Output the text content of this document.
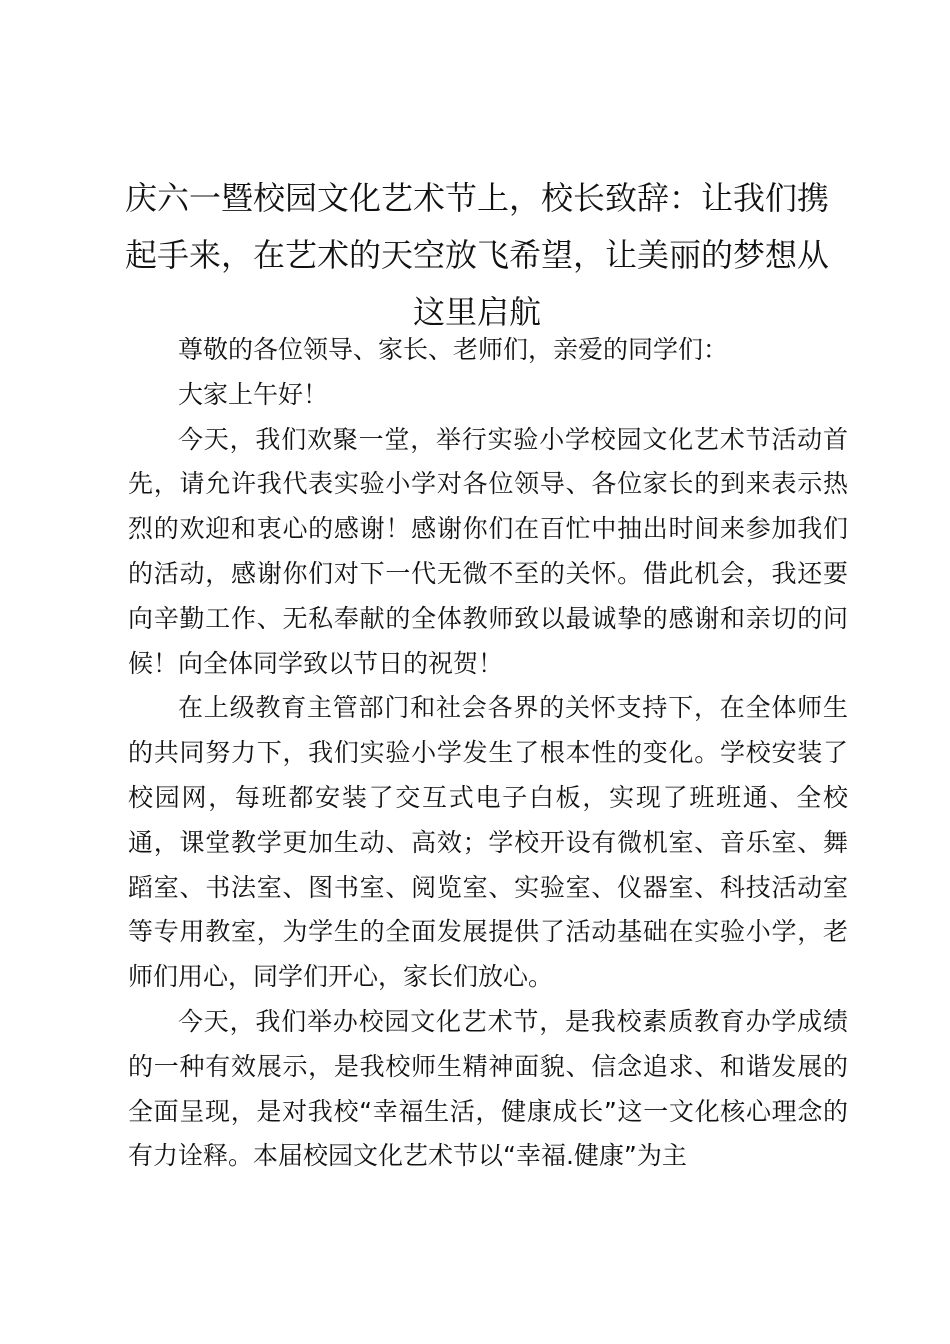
庆六一暨校园文化艺术节上，校长致辞：让我们携起手来，在艺术的天空放飞希望，让美丽的梦想从这里启航

尊敬的各位领导、家长、老师们，亲爱的同学们：

大家上午好！

今天，我们欢聚一堂，举行实验小学校园文化艺术节活动首先，请允许我代表实验小学对各位领导、各位家长的到来表示热烈的欢迎和衷心的感谢！感谢你们在百忙中抽出时间来参加我们的活动，感谢你们对下一代无微不至的关怀。借此机会，我还要向辛勤工作、无私奉献的全体教师致以最诚挚的感谢和亲切的问候！向全体同学致以节日的祝贺！

在上级教育主管部门和社会各界的关怀支持下，在全体师生的共同努力下，我们实验小学发生了根本性的变化。学校安装了校园网，每班都安装了交互式电子白板，实现了班班通、全校通，课堂教学更加生动、高效；学校开设有微机室、音乐室、舞蹈室、书法室、图书室、阅览室、实验室、仪器室、科技活动室等专用教室，为学生的全面发展提供了活动基础在实验小学，老师们用心，同学们开心，家长们放心。

今天，我们举办校园文化艺术节，是我校素质教育办学成绩的一种有效展示，是我校师生精神面貌、信念追求、和谐发展的全面呈现，是对我校“幸福生活，健康成长”这一文化核心理念的有力诠释。本届校园文化艺术节以“幸福.健康”为主
